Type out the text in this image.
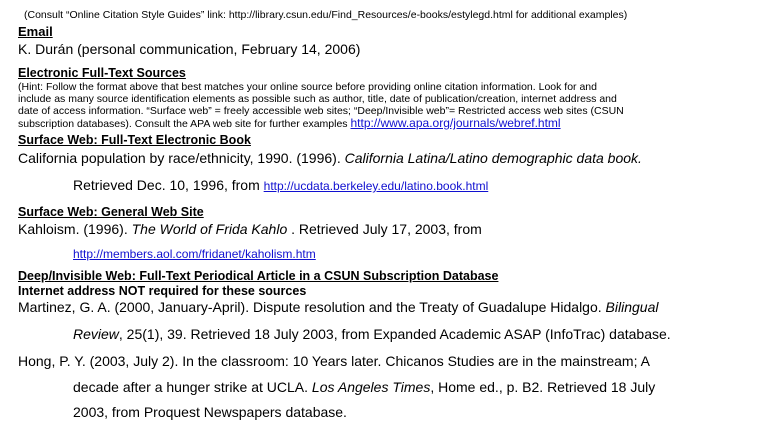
(Consult “Online Citation Style Guides” link: http://library.csun.edu/Find_Resources/e-books/estylegd.html for additional examples)
Email
K. Durán (personal communication, February 14, 2006)
Electronic Full-Text Sources
(Hint: Follow the format above that best matches your online source before providing online citation information. Look for and
include as many source identification elements as possible such as author, title, date of publication/creation, internet address and
date of access information. “Surface web” = freely accessible web sites; “Deep/Invisible web”= Restricted access web sites (CSUN
subscription databases). Consult the APA web site for further examples http://www.apa.org/journals/webref.html
Surface Web: Full-Text Electronic Book
California population by race/ethnicity, 1990. (1996). California Latina/Latino demographic data book.
Retrieved Dec. 10, 1996, from http://ucdata.berkeley.edu/latino.book.html
Surface Web: General Web Site
Kahloism. (1996). The World of Frida Kahlo . Retrieved July 17, 2003, from
http://members.aol.com/fridanet/kaholism.htm
Deep/Invisible Web: Full-Text Periodical Article in a CSUN Subscription Database
Internet address NOT required for these sources
Martinez, G. A. (2000, January-April). Dispute resolution and the Treaty of Guadalupe Hidalgo. Bilingual
Review, 25(1), 39. Retrieved 18 July 2003, from Expanded Academic ASAP (InfoTrac) database.
Hong, P. Y. (2003, July 2). In the classroom: 10 Years later. Chicanos Studies are in the mainstream; A
decade after a hunger strike at UCLA. Los Angeles Times, Home ed., p. B2. Retrieved 18 July
2003, from Proquest Newspapers database.
